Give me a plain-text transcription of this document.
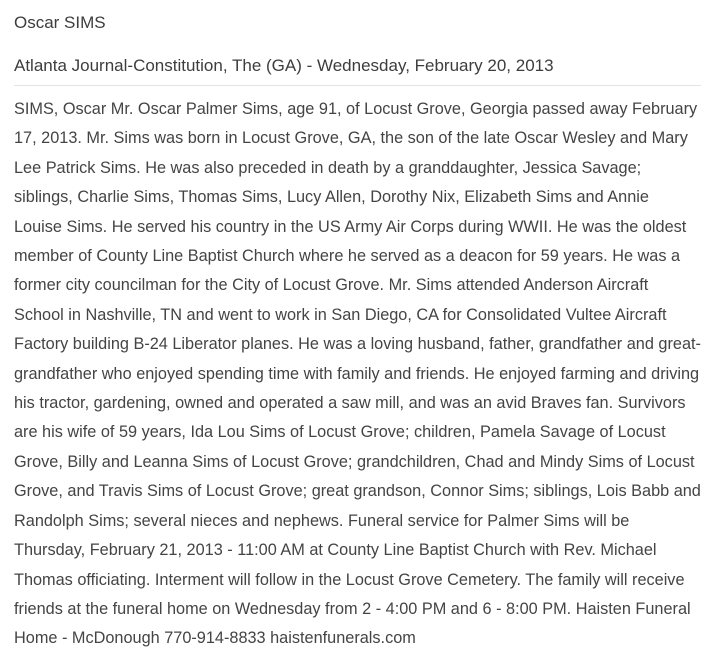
Oscar SIMS
Atlanta Journal-Constitution, The (GA) - Wednesday, February 20, 2013

SIMS, Oscar Mr. Oscar Palmer Sims, age 91, of Locust Grove, Georgia passed away February 17, 2013. Mr. Sims was born in Locust Grove, GA, the son of the late Oscar Wesley and Mary Lee Patrick Sims. He was also preceded in death by a granddaughter, Jessica Savage; siblings, Charlie Sims, Thomas Sims, Lucy Allen, Dorothy Nix, Elizabeth Sims and Annie Louise Sims. He served his country in the US Army Air Corps during WWII. He was the oldest member of County Line Baptist Church where he served as a deacon for 59 years. He was a former city councilman for the City of Locust Grove. Mr. Sims attended Anderson Aircraft School in Nashville, TN and went to work in San Diego, CA for Consolidated Vultee Aircraft Factory building B-24 Liberator planes. He was a loving husband, father, grandfather and great-grandfather who enjoyed spending time with family and friends. He enjoyed farming and driving his tractor, gardening, owned and operated a saw mill, and was an avid Braves fan. Survivors are his wife of 59 years, Ida Lou Sims of Locust Grove; children, Pamela Savage of Locust Grove, Billy and Leanna Sims of Locust Grove; grandchildren, Chad and Mindy Sims of Locust Grove, and Travis Sims of Locust Grove; great grandson, Connor Sims; siblings, Lois Babb and Randolph Sims; several nieces and nephews. Funeral service for Palmer Sims will be Thursday, February 21, 2013 - 11:00 AM at County Line Baptist Church with Rev. Michael Thomas officiating. Interment will follow in the Locust Grove Cemetery. The family will receive friends at the funeral home on Wednesday from 2 - 4:00 PM and 6 - 8:00 PM. Haisten Funeral Home - McDonough 770-914-8833 haistenfunerals.com
